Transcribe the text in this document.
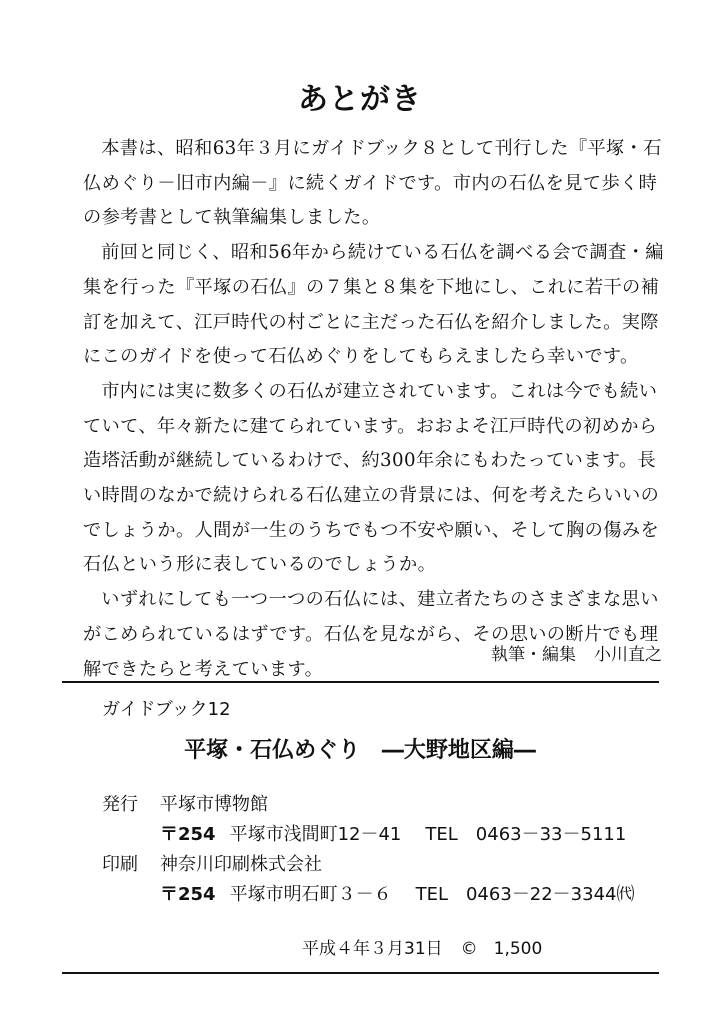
あとがき

本書は、昭和63年３月にガイドブック８として刊行した『平塚・石仏めぐり－旧市内編－』に続くガイドです。市内の石仏を見て歩く時の参考書として執筆編集しました。

前回と同じく、昭和56年から続けている石仏を調べる会で調査・編集を行った『平塚の石仏』の７集と８集を下地にし、これに若干の補訂を加えて、江戸時代の村ごとに主だった石仏を紹介しました。実際にこのガイドを使って石仏めぐりをしてもらえましたら幸いです。

市内には実に数多くの石仏が建立されています。これは今でも続いていて、年々新たに建てられています。おおよそ江戸時代の初めから造塔活動が継続しているわけで、約300年余にもわたっています。長い時間のなかで続けられる石仏建立の背景には、何を考えたらいいのでしょうか。人間が一生のうちでもつ不安や願い、そして胸の傷みを石仏という形に表しているのでしょうか。

いずれにしても一つ一つの石仏には、建立者たちのさまざまな思いがこめられているはずです。石仏を見ながら、その思いの断片でも理解できたらと考えています。

執筆・編集 小川直之
ガイドブック12
平塚・石仏めぐり ―大野地区編―
発行 平塚市博物館
〒254 平塚市浅間町12－41 TEL　0463－33－5111
印刷 神奈川印刷株式会社
〒254 平塚市明石町３－６ TEL　0463－22－3344㈹
平成４年３月31日 © 1,500
